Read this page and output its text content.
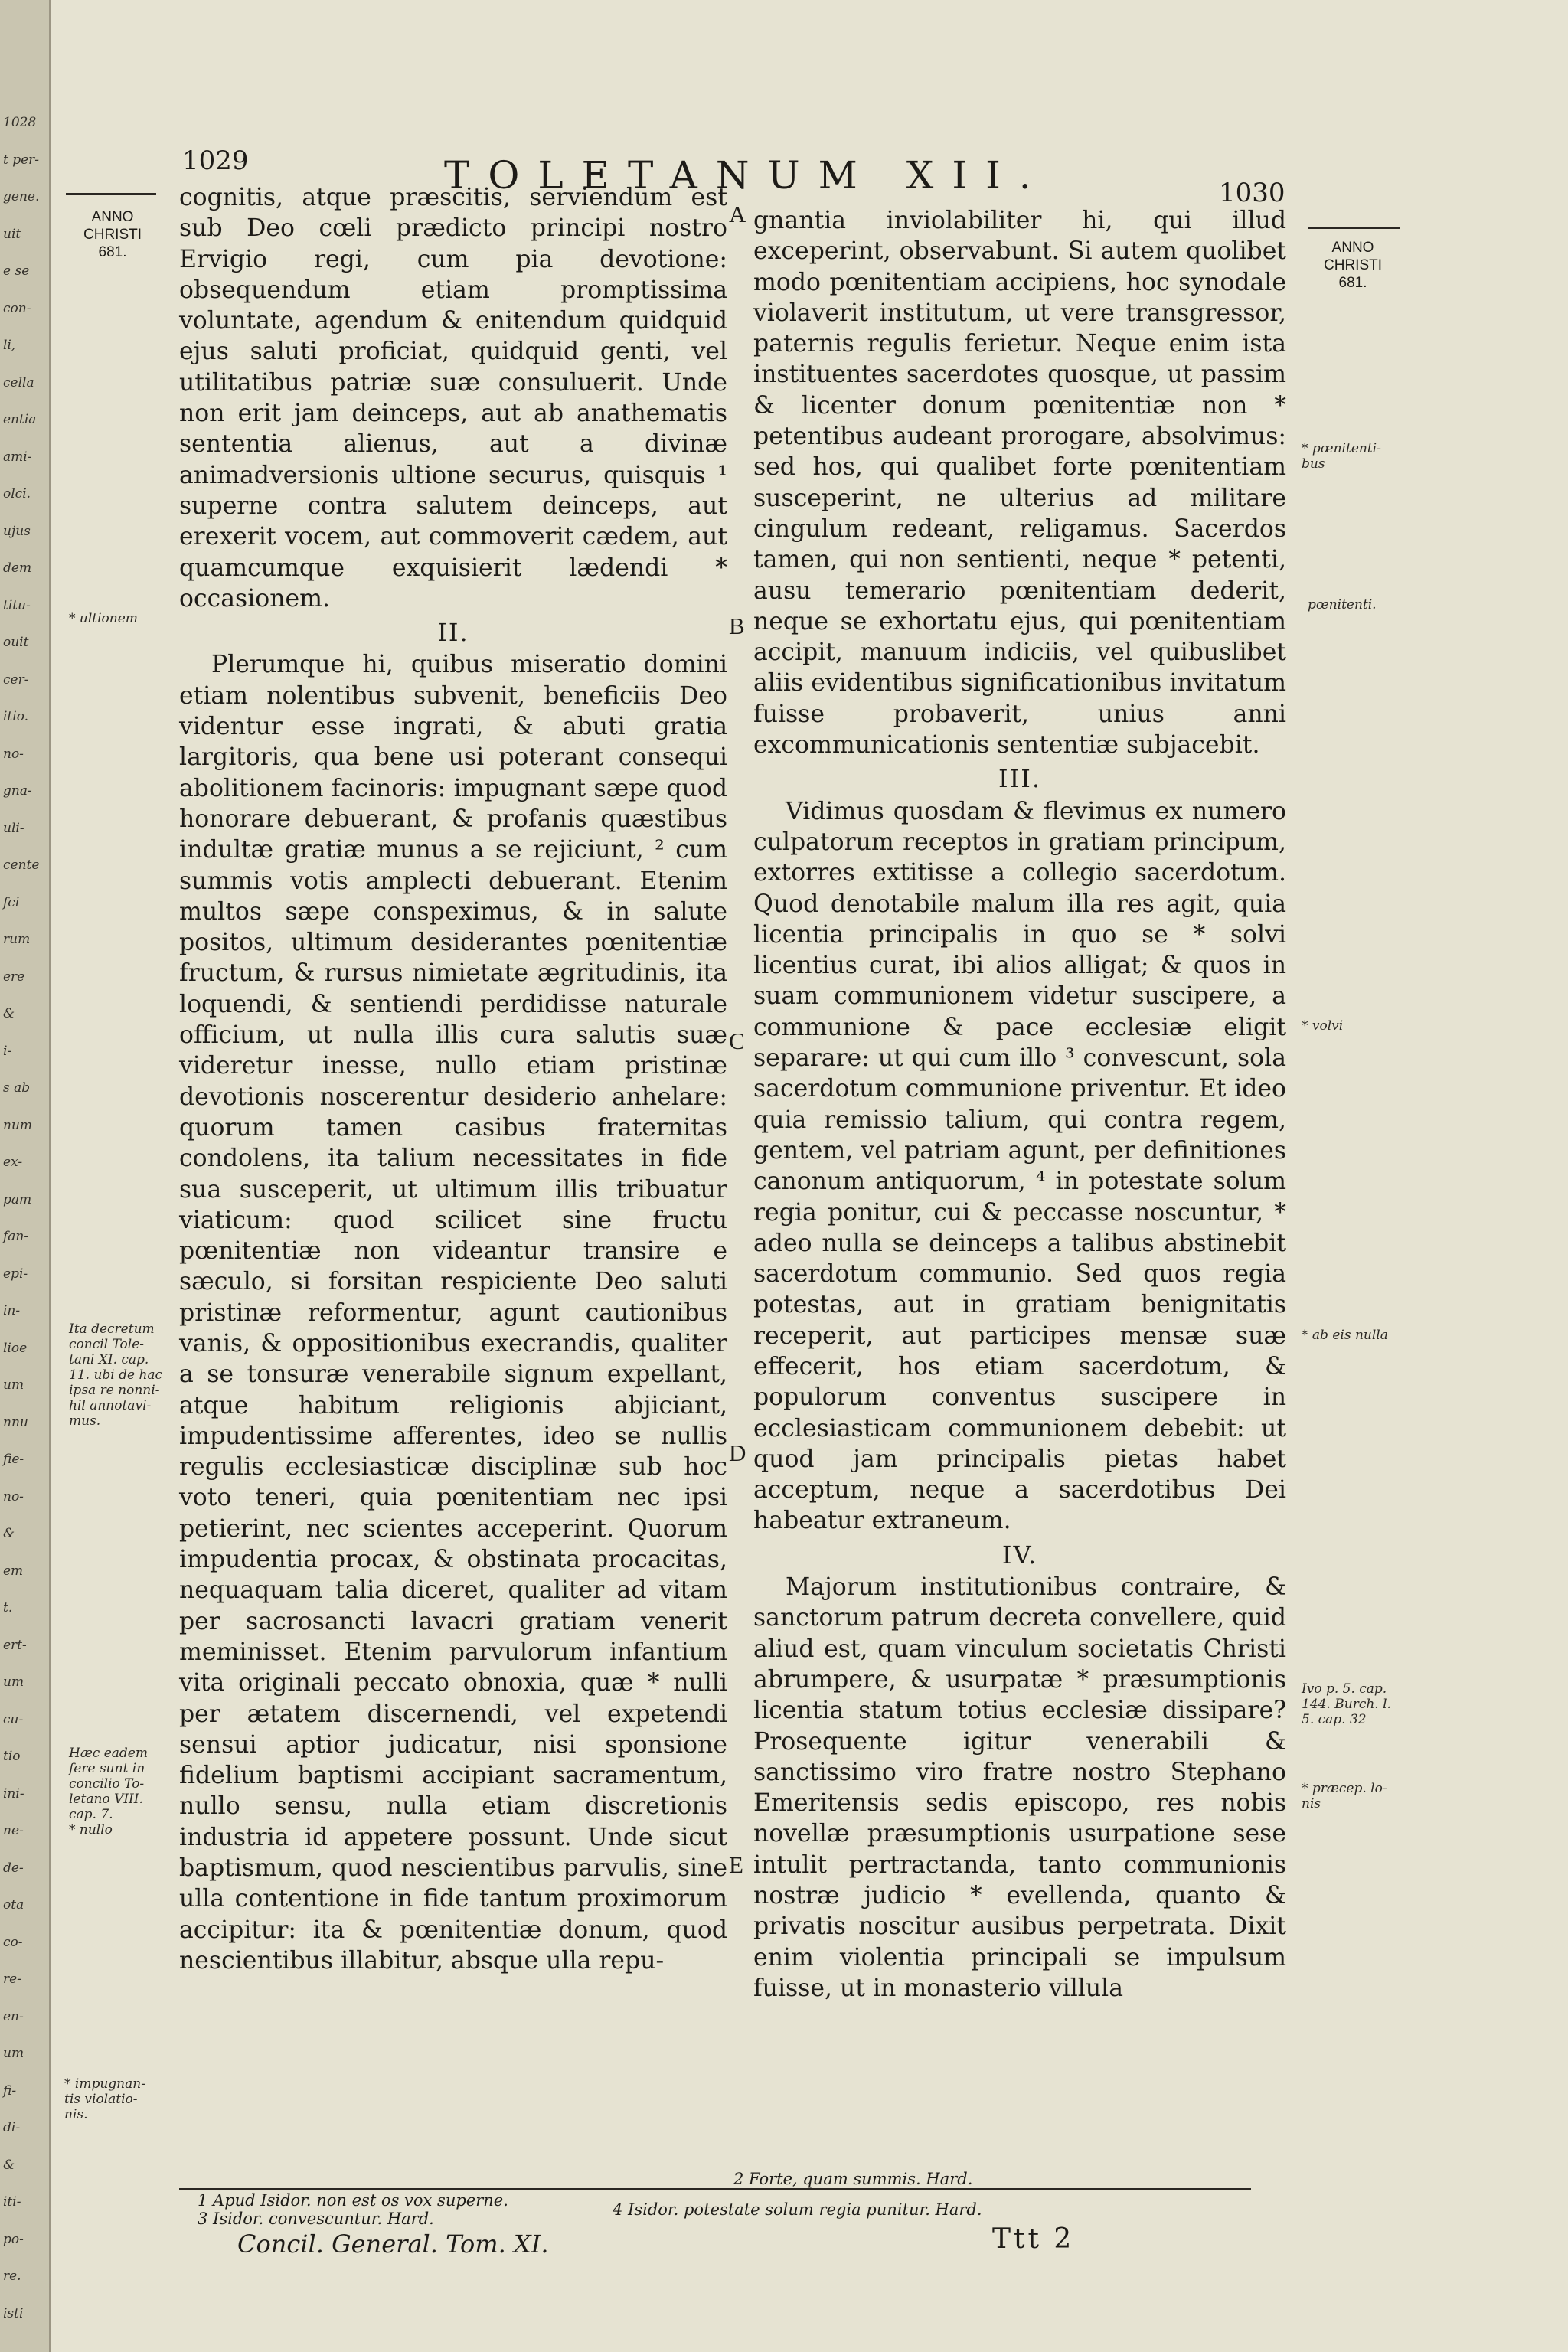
1028
t per-
gene.
uit
e se
con-
li,
cella
entia
ami-
olci.
ujus
dem
titu-
ouit
cer-
itio.
no-
gna-
uli-
cente
fci
rum
ere
&
i-
s ab
num
ex-
pam
fan-
epi-
in-
lioe
um
nnu
fie-
no-
&
em
t.
ert-
um
cu-
tio
ini-
ne-
de-
ota
co-
re-
en-
um
fi-
di-
&
iti-
po-
re.
isti
1029	TOLETANUM XII.	1030
ANNO
CHRISTI
681.	ANNO
CHRISTI
681.

cognitis, atque præscitis, serviendum est sub Deo cœli prædicto principi nostro Ervigio regi, cum pia devotione: obsequendum etiam promptissima voluntate, agendum & enitendum quidquid ejus saluti proficiat, quidquid genti, vel utilitatibus patriæ suæ consuluerit. Unde non erit jam deinceps, aut ab anathematis sententia alienus, aut a divinæ animadversionis ultione securus, quisquis ¹ superne contra salutem deinceps, aut erexerit vocem, aut commoverit cædem, aut quamcumque exquisierit lædendi * occasionem.

II.

Plerumque hi, quibus miseratio domini etiam nolentibus subvenit, beneficiis Deo videntur esse ingrati, & abuti gratia largitoris, qua bene usi poterant consequi abolitionem facinoris: impugnant sæpe quod honorare debuerant, & profanis quæstibus indultæ gratiæ munus a se rejiciunt, ² cum summis votis amplecti debuerant. Etenim multos sæpe conspeximus, & in salute positos, ultimum desiderantes pœnitentiæ fructum, & rursus nimietate ægritudinis, ita loquendi, & sentiendi perdidisse naturale officium, ut nulla illis cura salutis suæ videretur inesse, nullo etiam pristinæ devotionis noscerentur desiderio anhelare: quorum tamen casibus fraternitas condolens, ita talium necessitates in fide sua susceperit, ut ultimum illis tribuatur viaticum: quod scilicet sine fructu pœnitentiæ non videantur transire e sæculo, si forsitan respiciente Deo saluti pristinæ reformentur, agunt cautionibus vanis, & oppositionibus execrandis, qualiter a se tonsuræ venerabile signum expellant, atque habitum religionis abjiciant, impudentissime afferentes, ideo se nullis regulis ecclesiasticæ disciplinæ sub hoc voto teneri, quia pœnitentiam nec ipsi petierint, nec scientes acceperint. Quorum impudentia procax, & obstinata procacitas, nequaquam talia diceret, qualiter ad vitam per sacrosancti lavacri gratiam venerit meminisset. Etenim parvulorum infantium vita originali peccato obnoxia, quæ * nulli per ætatem discernendi, vel expetendi sensui aptior judicatur, nisi sponsione fidelium baptismi accipiant sacramentum, nullo sensu, nulla etiam discretionis industria id appetere possunt. Unde sicut baptismum, quod nescientibus parvulis, sine ulla contentione in fide tantum proximorum accipitur: ita & pœnitentiæ donum, quod nescientibus illabitur, absque ulla repu-

gnantia inviolabiliter hi, qui illud exceperint, observabunt. Si autem quolibet modo pœnitentiam accipiens, hoc synodale violaverit institutum, ut vere transgressor, paternis regulis ferietur. Neque enim ista instituentes sacerdotes quosque, ut passim & licenter donum pœnitentiæ non * petentibus audeant prorogare, absolvimus: sed hos, qui qualibet forte pœnitentiam susceperint, ne ulterius ad militare cingulum redeant, religamus. Sacerdos tamen, qui non sentienti, neque * petenti, ausu temerario pœnitentiam dederit, neque se exhortatu ejus, qui pœnitentiam accipit, manuum indiciis, vel quibuslibet aliis evidentibus significationibus invitatum fuisse probaverit, unius anni excommunicationis sententiæ subjacebit.

III.

Vidimus quosdam & flevimus ex numero culpatorum receptos in gratiam principum, extorres extitisse a collegio sacerdotum. Quod denotabile malum illa res agit, quia licentia principalis in quo se * solvi licentius curat, ibi alios alligat; & quos in suam communionem videtur suscipere, a communione & pace ecclesiæ eligit separare: ut qui cum illo ³ convescunt, sola sacerdotum communione priventur. Et ideo quia remissio talium, qui contra regem, gentem, vel patriam agunt, per definitiones canonum antiquorum, ⁴ in potestate solum regia ponitur, cui & peccasse noscuntur, * adeo nulla se deinceps a talibus abstinebit sacerdotum communio. Sed quos regia potestas, aut in gratiam benignitatis receperit, aut participes mensæ suæ effecerit, hos etiam sacerdotum, & populorum conventus suscipere in ecclesiasticam communionem debebit: ut quod jam principalis pietas habet acceptum, neque a sacerdotibus Dei habeatur extraneum.

IV.

Majorum institutionibus contraire, & sanctorum patrum decreta convellere, quid aliud est, quam vinculum societatis Christi abrumpere, & usurpatæ * præsumptionis licentia statum totius ecclesiæ dissipare? Prosequente igitur venerabili & sanctissimo viro fratre nostro Stephano Emeritensis sedis episcopo, res nobis novellæ præsumptionis usurpatione sese intulit pertractanda, tanto communionis nostræ judicio * evellenda, quanto & privatis noscitur ausibus perpetrata. Dixit enim violentia principali se impulsum fuisse, ut in monasterio villula

A
B
C
D
E
* ultionem
Ita decretum
concil Tole-
tani XI. cap.
11. ubi de hac
ipsa re nonni-
hil annotavi-
mus.
Hæc eadem
fere sunt in
concilio To-
letano VIII.
cap. 7.
* nullo
* impugnan-
tis violatio-
nis.
* pœnitenti-
bus
pœnitenti.
* volvi
* ab eis nulla
Ivo p. 5. cap.
144. Burch. l.
5. cap. 32
* præcep. lo-
nis
1 Apud Isidor. non est os vox superne.
2 Forte, quam summis. Hard.
3 Isidor. convescuntur. Hard.	4 Isidor. potestate solum regia punitur. Hard.
Concil. General. Tom. XI.	Ttt 2
